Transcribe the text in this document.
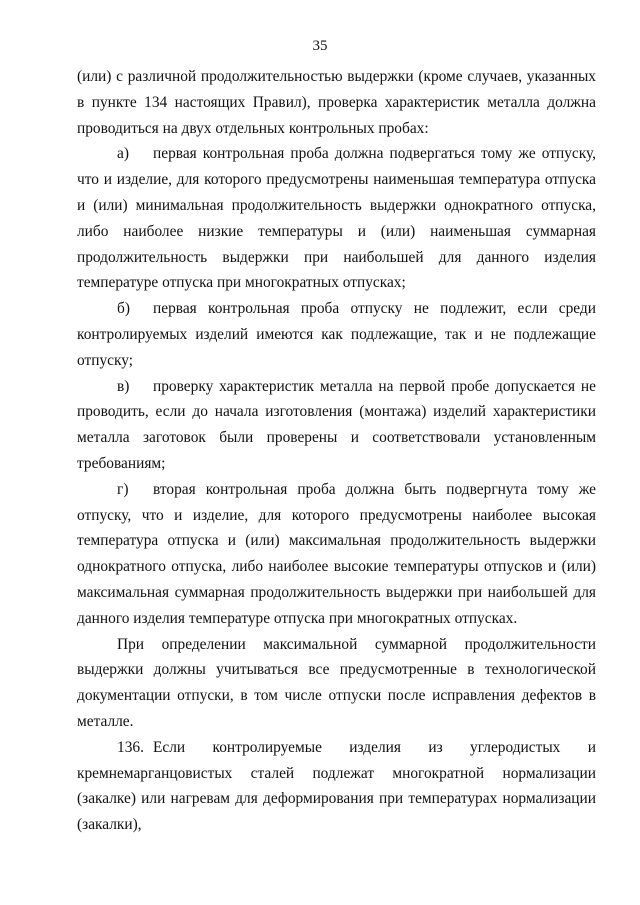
35

(или) с различной продолжительностью выдержки (кроме случаев, указанных в пункте 134 настоящих Правил), проверка характеристик металла должна проводиться на двух отдельных контрольных пробах:

а) первая контрольная проба должна подвергаться тому же отпуску, что и изделие, для которого предусмотрены наименьшая температура отпуска и (или) минимальная продолжительность выдержки однократного отпуска, либо наиболее низкие температуры и (или) наименьшая суммарная продолжительность выдержки при наибольшей для данного изделия температуре отпуска при многократных отпусках;

б) первая контрольная проба отпуску не подлежит, если среди контролируемых изделий имеются как подлежащие, так и не подлежащие отпуску;

в) проверку характеристик металла на первой пробе допускается не проводить, если до начала изготовления (монтажа) изделий характеристики металла заготовок были проверены и соответствовали установленным требованиям;

г) вторая контрольная проба должна быть подвергнута тому же отпуску, что и изделие, для которого предусмотрены наиболее высокая температура отпуска и (или) максимальная продолжительность выдержки однократного отпуска, либо наиболее высокие температуры отпусков и (или) максимальная суммарная продолжительность выдержки при наибольшей для данного изделия температуре отпуска при многократных отпусках.

При определении максимальной суммарной продолжительности выдержки должны учитываться все предусмотренные в технологической документации отпуски, в том числе отпуски после исправления дефектов в металле.

136. Если контролируемые изделия из углеродистых и кремнемарганцовистых сталей подлежат многократной нормализации (закалке) или нагревам для деформирования при температурах нормализации (закалки),
